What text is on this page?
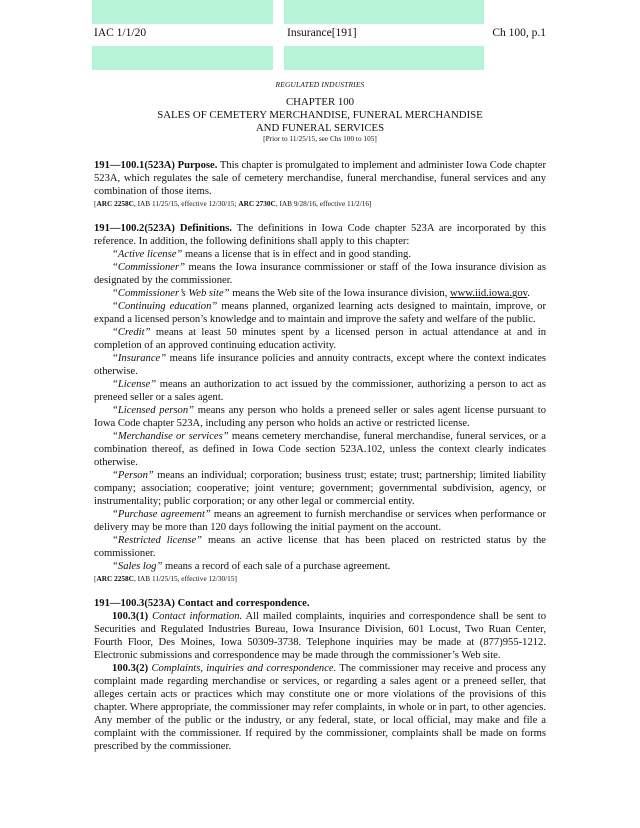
IAC 1/1/20	Insurance[191]	Ch 100, p.1
REGULATED INDUSTRIES
CHAPTER 100
SALES OF CEMETERY MERCHANDISE, FUNERAL MERCHANDISE
AND FUNERAL SERVICES
[Prior to 11/25/15, see Chs 100 to 105]

191—100.1(523A) Purpose. This chapter is promulgated to implement and administer Iowa Code chapter 523A, which regulates the sale of cemetery merchandise, funeral merchandise, funeral services and any combination of those items.

[ARC 2258C, IAB 11/25/15, effective 12/30/15; ARC 2730C, IAB 9/28/16, effective 11/2/16]

191—100.2(523A) Definitions. The definitions in Iowa Code chapter 523A are incorporated by this reference. In addition, the following definitions shall apply to this chapter:

“Active license” means a license that is in effect and in good standing.

“Commissioner” means the Iowa insurance commissioner or staff of the Iowa insurance division as designated by the commissioner.

“Commissioner’s Web site” means the Web site of the Iowa insurance division, www.iid.iowa.gov.

“Continuing education” means planned, organized learning acts designed to maintain, improve, or expand a licensed person’s knowledge and to maintain and improve the safety and welfare of the public.

“Credit” means at least 50 minutes spent by a licensed person in actual attendance at and in completion of an approved continuing education activity.

“Insurance” means life insurance policies and annuity contracts, except where the context indicates otherwise.

“License” means an authorization to act issued by the commissioner, authorizing a person to act as preneed seller or a sales agent.

“Licensed person” means any person who holds a preneed seller or sales agent license pursuant to Iowa Code chapter 523A, including any person who holds an active or restricted license.

“Merchandise or services” means cemetery merchandise, funeral merchandise, funeral services, or a combination thereof, as defined in Iowa Code section 523A.102, unless the context clearly indicates otherwise.

“Person” means an individual; corporation; business trust; estate; trust; partnership; limited liability company; association; cooperative; joint venture; government; governmental subdivision, agency, or instrumentality; public corporation; or any other legal or commercial entity.

“Purchase agreement” means an agreement to furnish merchandise or services when performance or delivery may be more than 120 days following the initial payment on the account.

“Restricted license” means an active license that has been placed on restricted status by the commissioner.

“Sales log” means a record of each sale of a purchase agreement.

[ARC 2258C, IAB 11/25/15, effective 12/30/15]

191—100.3(523A) Contact and correspondence.

100.3(1) Contact information. All mailed complaints, inquiries and correspondence shall be sent to Securities and Regulated Industries Bureau, Iowa Insurance Division, 601 Locust, Two Ruan Center, Fourth Floor, Des Moines, Iowa 50309-3738. Telephone inquiries may be made at (877)955-1212. Electronic submissions and correspondence may be made through the commissioner’s Web site.

100.3(2) Complaints, inquiries and correspondence. The commissioner may receive and process any complaint made regarding merchandise or services, or regarding a sales agent or a preneed seller, that alleges certain acts or practices which may constitute one or more violations of the provisions of this chapter. Where appropriate, the commissioner may refer complaints, in whole or in part, to other agencies. Any member of the public or the industry, or any federal, state, or local official, may make and file a complaint with the commissioner. If required by the commissioner, complaints shall be made on forms prescribed by the commissioner.
